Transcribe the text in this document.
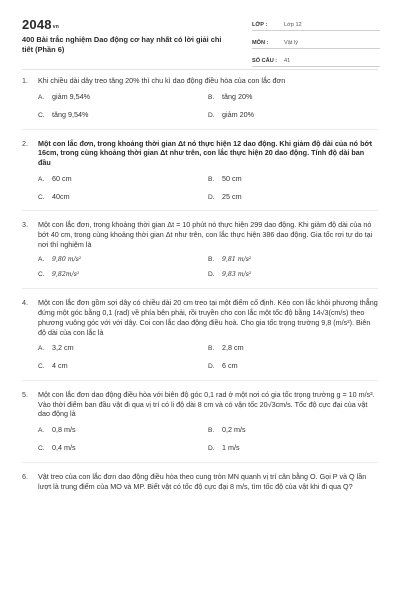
$2048^{vn}$
400 Bài trắc nghiệm Dao động cơ hay nhất có lời giải chi tiết (Phần 6)
LỚP :	Lớp 12
MÔN :	Vật lý
SỐ CÂU :	41
1.	Khi chiều dài dây treo tăng 20% thì chu kì dao động điều hòa của con lắc đơn
A.	giảm 9,54%	B.	tăng 20%
C.	tăng 9,54%	D.	giảm 20%
2.	Một con lắc đơn, trong khoảng thời gian Δt nó thực hiện 12 dao động. Khi giảm độ dài của nó bớt 16cm, trong cùng khoảng thời gian Δt như trên, con lắc thực hiện 20 dao động. Tính độ dài ban đầu
A.	60 cm	B.	50 cm
C.	40cm	D.	25 cm
3.	Một con lắc đơn, trong khoảng thời gian Δt = 10 phút nó thực hiện 299 dao động. Khi giảm độ dài của nó bớt 40 cm, trong cùng khoảng thời gian Δt như trên, con lắc thực hiện 386 dao động. Gia tốc rơi tự do tại nơi thí nghiệm là
A.	9,80 m/s²	B.	9,81 m/s²
C.	9,82m/s²	D.	9,83 m/s²
4.	Một con lắc đơn gồm sợi dây có chiều dài 20 cm treo tại một điểm cố định. Kéo con lắc khỏi phương thẳng đứng một góc bằng 0,1 (rad) về phía bên phải, rồi truyền cho con lắc một tốc độ bằng 14√3(cm/s) theo phương vuông góc với với dây. Coi con lắc dao động điều hoà. Cho gia tốc trọng trường 9,8 (m/s²). Biên độ dài của con lắc là
A.	3,2 cm	B.	2,8 cm
C.	4 cm	D.	6 cm
5.	Một con lắc đơn dao động điều hòa với biên độ góc 0,1 rad ở một nơi có gia tốc trọng trường g = 10 m/s². Vào thời điểm ban đầu vật đi qua vị trí có li độ dài 8 cm và có vận tốc 20√3cm/s. Tốc độ cực đại của vật dao động là
A.	0,8 m/s	B.	0,2 m/s
C.	0,4 m/s	D.	1 m/s
6.	Vật treo của con lắc đơn dao động điều hòa theo cung tròn MN quanh vị trí cân bằng O. Gọi P và Q lần lượt là trung điểm của MO và MP. Biết vật có tốc độ cực đại 8 m/s, tìm tốc độ của vật khi đi qua Q?
